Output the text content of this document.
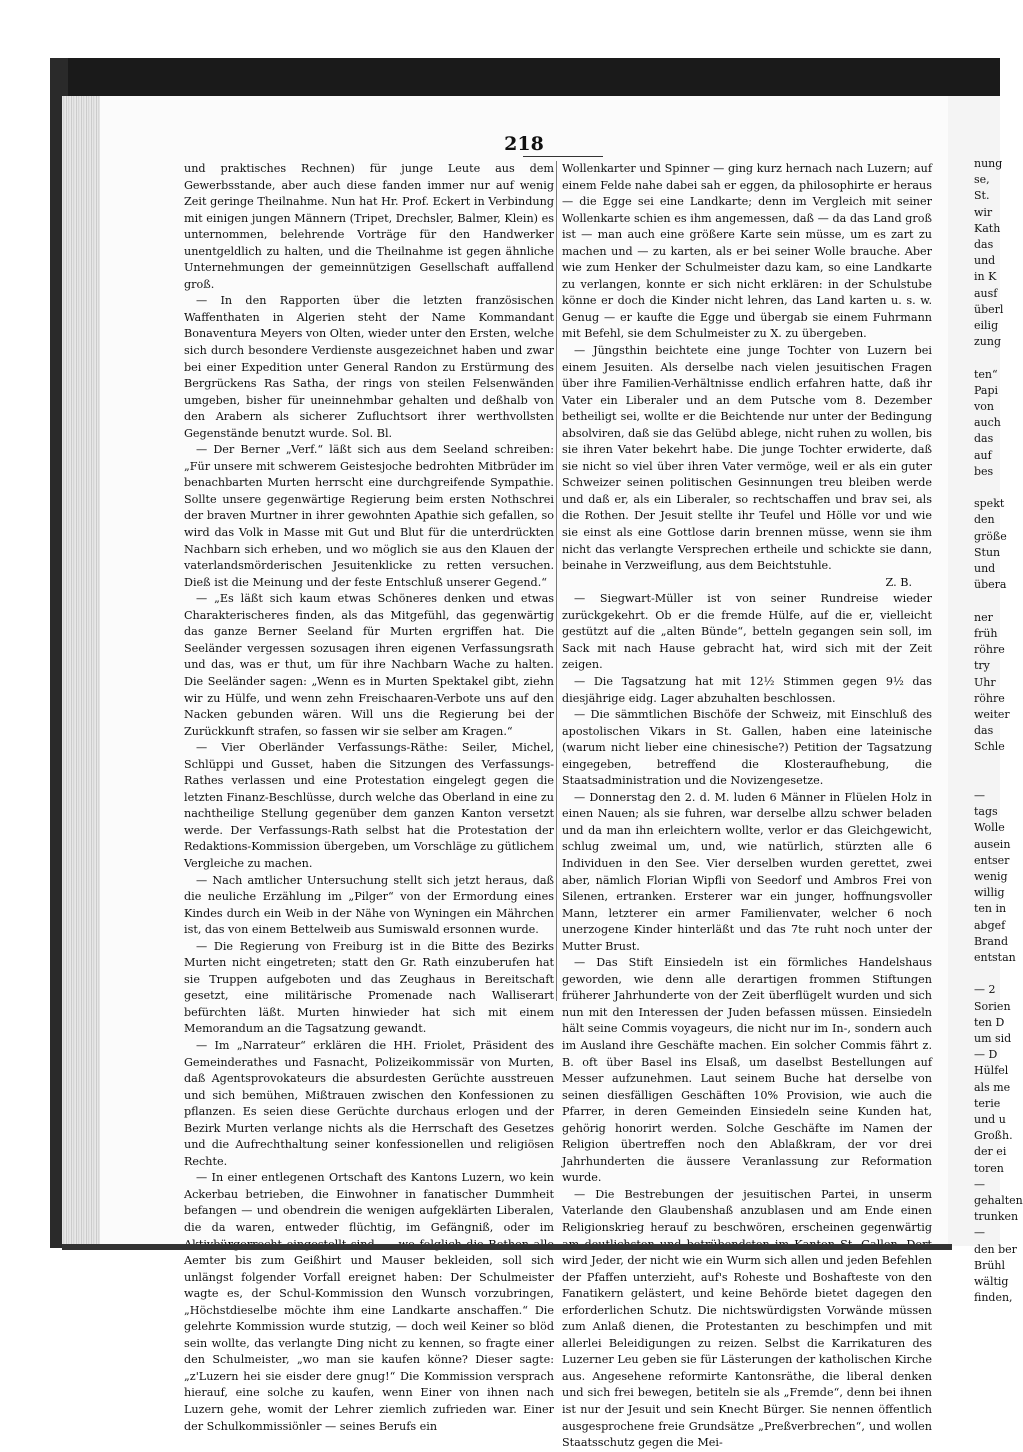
218

und praktisches Rechnen) für junge Leute aus dem Gewerbsstande, aber auch diese fanden immer nur auf wenig Zeit geringe Theilnahme. Nun hat Hr. Prof. Eckert in Verbindung mit einigen jungen Männern (Tripet, Drechsler, Balmer, Klein) es unternommen, belehrende Vorträge für den Handwerker unentgeldlich zu halten, und die Theilnahme ist gegen ähnliche Unternehmungen der gemeinnützigen Gesellschaft auffallend groß.

— In den Rapporten über die letzten französischen Waffenthaten in Algerien steht der Name Kommandant Bonaventura Meyers von Olten, wieder unter den Ersten, welche sich durch besondere Verdienste ausgezeichnet haben und zwar bei einer Expedition unter General Randon zu Erstürmung des Bergrückens Ras Satha, der rings von steilen Felsenwänden umgeben, bisher für uneinnehmbar gehalten und deßhalb von den Arabern als sicherer Zufluchtsort ihrer werthvollsten Gegenstände benutzt wurde. Sol. Bl.

— Der Berner „Verf.“ läßt sich aus dem Seeland schreiben: „Für unsere mit schwerem Geistesjoche bedrohten Mitbrüder im benachbarten Murten herrscht eine durchgreifende Sympathie. Sollte unsere gegenwärtige Regierung beim ersten Nothschrei der braven Murtner in ihrer gewohnten Apathie sich gefallen, so wird das Volk in Masse mit Gut und Blut für die unterdrückten Nachbarn sich erheben, und wo möglich sie aus den Klauen der vaterlandsmörderischen Jesuitenklicke zu retten versuchen. Dieß ist die Meinung und der feste Entschluß unserer Gegend.“

— „Es läßt sich kaum etwas Schöneres denken und etwas Charakterischeres finden, als das Mitgefühl, das gegenwärtig das ganze Berner Seeland für Murten ergriffen hat. Die Seeländer vergessen sozusagen ihren eigenen Verfassungsrath und das, was er thut, um für ihre Nachbarn Wache zu halten. Die Seeländer sagen: „Wenn es in Murten Spektakel gibt, ziehn wir zu Hülfe, und wenn zehn Freischaaren-Verbote uns auf den Nacken gebunden wären. Will uns die Regierung bei der Zurückkunft strafen, so fassen wir sie selber am Kragen.“

— Vier Oberländer Verfassungs-Räthe: Seiler, Michel, Schlüppi und Gusset, haben die Sitzungen des Verfassungs-Rathes verlassen und eine Protestation eingelegt gegen die letzten Finanz-Beschlüsse, durch welche das Oberland in eine zu nachtheilige Stellung gegenüber dem ganzen Kanton versetzt werde. Der Verfassungs-Rath selbst hat die Protestation der Redaktions-Kommission übergeben, um Vorschläge zu gütlichem Vergleiche zu machen.

— Nach amtlicher Untersuchung stellt sich jetzt heraus, daß die neuliche Erzählung im „Pilger“ von der Ermordung eines Kindes durch ein Weib in der Nähe von Wyningen ein Mährchen ist, das von einem Bettelweib aus Sumiswald ersonnen wurde.

— Die Regierung von Freiburg ist in die Bitte des Bezirks Murten nicht eingetreten; statt den Gr. Rath einzuberufen hat sie Truppen aufgeboten und das Zeughaus in Bereitschaft gesetzt, eine militärische Promenade nach Walliserart befürchten läßt. Murten hinwieder hat sich mit einem Memorandum an die Tagsatzung gewandt.

— Im „Narrateur“ erklären die HH. Friolet, Präsident des Gemeinderathes und Fasnacht, Polizeikommissär von Murten, daß Agentsprovokateurs die absurdesten Gerüchte ausstreuen und sich bemühen, Mißtrauen zwischen den Konfessionen zu pflanzen. Es seien diese Gerüchte durchaus erlogen und der Bezirk Murten verlange nichts als die Herrschaft des Gesetzes und die Aufrechthaltung seiner konfessionellen und religiösen Rechte.

— In einer entlegenen Ortschaft des Kantons Luzern, wo kein Ackerbau betrieben, die Einwohner in fanatischer Dummheit befangen — und obendrein die wenigen aufgeklärten Liberalen, die da waren, entweder flüchtig, im Gefängniß, oder im Aemter bis zum Geißhirt und Mauser bekleiden, soll sich unlängst folgender Vorfall ereignet haben: Der Schulmeister wagte es, der Schul-Kommission den Wunsch vorzubringen, „Höchstdieselbe möchte ihm eine Landkarte anschaffen.“ Die gelehrte Kommission wurde stutzig, — doch weil Keiner so blöd sein wollte, das verlangte Ding nicht zu kennen, so fragte einer den Schulmeister, „wo man sie kaufen könne? Dieser sagte: „z'Luzern hei sie eisder dere gnug!“ Die Kommission versprach hierauf, eine solche zu kaufen, wenn Einer von ihnen nach Luzern gehe, womit der Lehrer ziemlich zufrieden war. Einer der Schulkommissiönler — seines Berufs ein

Wollenkarter und Spinner — ging kurz hernach nach Luzern; auf einem Felde nahe dabei sah er eggen, da philosophirte er heraus — die Egge sei eine Landkarte; denn im Vergleich mit seiner Wollenkarte schien es ihm angemessen, daß — da das Land groß ist — man auch eine größere Karte sein müsse, um es zart zu machen und — zu karten, als er bei seiner Wolle brauche. Aber wie zum Henker der Schulmeister dazu kam, so eine Landkarte zu verlangen, konnte er sich nicht erklären: in der Schulstube könne er doch die Kinder nicht lehren, das Land karten u. s. w. Genug — er kaufte die Egge und übergab sie einem Fuhrmann mit Befehl, sie dem Schulmeister zu X. zu übergeben.

— Jüngsthin beichtete eine junge Tochter von Luzern bei einem Jesuiten. Als derselbe nach vielen jesuitischen Fragen über ihre Familien-Verhältnisse endlich erfahren hatte, daß ihr Vater ein Liberaler und an dem Putsche vom 8. Dezember betheiligt sei, wollte er die Beichtende nur unter der Bedingung absolviren, daß sie das Gelübd ablege, nicht ruhen zu wollen, bis sie ihren Vater bekehrt habe. Die junge Tochter erwiderte, daß sie nicht so viel über ihren Vater vermöge, weil er als ein guter Schweizer seinen politischen Gesinnungen treu bleiben werde und daß er, als ein Liberaler, so rechtschaffen und brav sei, als die Rothen. Der Jesuit stellte ihr Teufel und Hölle vor und wie sie einst als eine Gottlose darin brennen müsse, wenn sie ihm nicht das verlangte Versprechen ertheile und schickte sie dann, beinahe in Verzweiflung, aus dem Beichtstuhle.

Z. B.

— Siegwart-Müller ist von seiner Rundreise wieder zurückgekehrt. Ob er die fremde Hülfe, auf die er, vielleicht gestützt auf die „alten Bünde“, betteln gegangen sein soll, im Sack mit nach Hause gebracht hat, wird sich mit der Zeit zeigen.

— Die Tagsatzung hat mit 12½ Stimmen gegen 9½ das diesjährige eidg. Lager abzuhalten beschlossen.

— Die sämmtlichen Bischöfe der Schweiz, mit Einschluß des apostolischen Vikars in St. Gallen, haben eine lateinische (warum nicht lieber eine chinesische?) Petition der Tagsatzung eingegeben, betreffend die Klosteraufhebung, die Staatsadministration und die Novizengesetze.

— Donnerstag den 2. d. M. luden 6 Männer in Flüelen Holz in einen Nauen; als sie fuhren, war derselbe allzu schwer beladen und da man ihn erleichtern wollte, verlor er das Gleichgewicht, schlug zweimal um, und, wie natürlich, stürzten alle 6 Individuen in den See. Vier derselben wurden gerettet, zwei aber, nämlich Florian Wipfli von Seedorf und Ambros Frei von Silenen, ertranken. Ersterer war ein junger, hoffnungsvoller Mann, letzterer ein armer Familienvater, welcher 6 noch unerzogene Kinder hinterläßt und das 7te ruht noch unter der Mutter Brust.

— Das Stift Einsiedeln ist ein förmliches Handelshaus geworden, wie denn alle derartigen frommen Stiftungen früherer Jahrhunderte von der Zeit überflügelt wurden und sich nun mit den Interessen der Juden befassen müssen. Einsiedeln hält seine Commis voyageurs, die nicht nur im In-, sondern auch im Ausland ihre Geschäfte machen. Ein solcher Commis fährt z. B. oft über Basel ins Elsaß, um daselbst Bestellungen auf Messer aufzunehmen. Laut seinem Buche hat derselbe von seinen diesfälligen Geschäften 10% Provision, wie auch die Pfarrer, in deren Gemeinden Einsiedeln seine Kunden hat, gehörig honorirt werden. Solche Geschäfte im Namen der Religion übertreffen noch den Ablaßkram, der vor drei Jahrhunderten die äussere Veranlassung zur Reformation wurde.

— Die Bestrebungen der jesuitischen Partei, in unserm Vaterlande den Glaubenshaß anzublasen und am Ende einen Religionskrieg herauf zu beschwören, erscheinen gegenwärtig wird Jeder, der nicht wie ein Wurm sich allen und jeden Befehlen der Pfaffen unterzieht, auf's Roheste und Boshafteste von den Fanatikern gelästert, und keine Behörde bietet dagegen den erforderlichen Schutz. Die nichtswürdigsten Vorwände müssen zum Anlaß dienen, die Protestanten zu beschimpfen und mit allerlei Beleidigungen zu reizen. Selbst die Karrikaturen des Luzerner Leu geben sie für Lästerungen der katholischen Kirche aus. Angesehene reformirte Kantonsräthe, die liberal denken und sich frei bewegen, betiteln sie als „Fremde“, denn bei ihnen ist nur der Jesuit und sein Knecht Bürger. Sie nennen öffentlich ausgesprochene freie Grundsätze „Preßverbrechen“, und wollen Staatsschutz gegen die Mei-

nung
se,
St.
wir
Kath
das
und
in K
ausf
überl
eilig
zung

ten“
Papi
von
auch
das
auf
bes

spekt
den
größe
Stun
und
übera

ner
früh
röhre
try
Uhr
röhre
weiter
das
Schle

—
tags
Wolle
ausein
entser
wenig
willig
ten in
abgef
Brand
entstan

— 2
Sorien
ten D
um sid
— D
Hülfel
als me
terie
und u
Großh.
der ei
toren
—
gehalten
trunken
—
den ber
Brühl
wältig
finden,
